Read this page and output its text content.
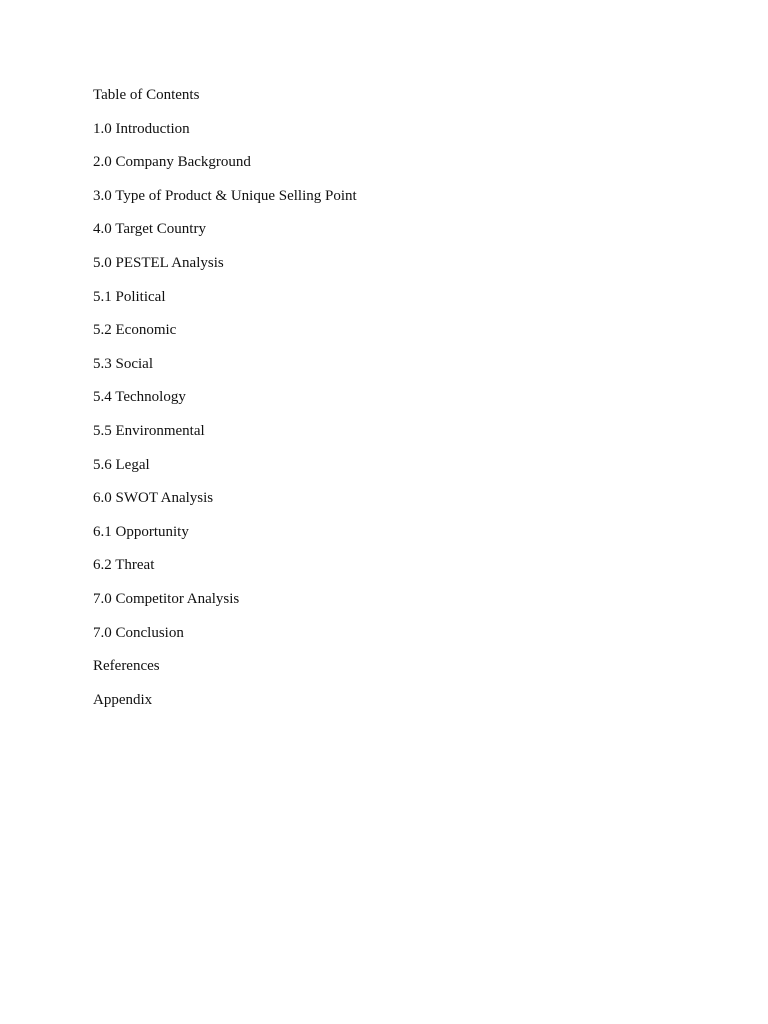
Table of Contents

1.0 Introduction

2.0 Company Background

3.0 Type of Product & Unique Selling Point

4.0 Target Country

5.0 PESTEL Analysis

5.1 Political

5.2 Economic

5.3 Social

5.4 Technology

5.5 Environmental

5.6 Legal

6.0 SWOT Analysis

6.1 Opportunity

6.2 Threat

7.0 Competitor Analysis

7.0 Conclusion

References

Appendix
